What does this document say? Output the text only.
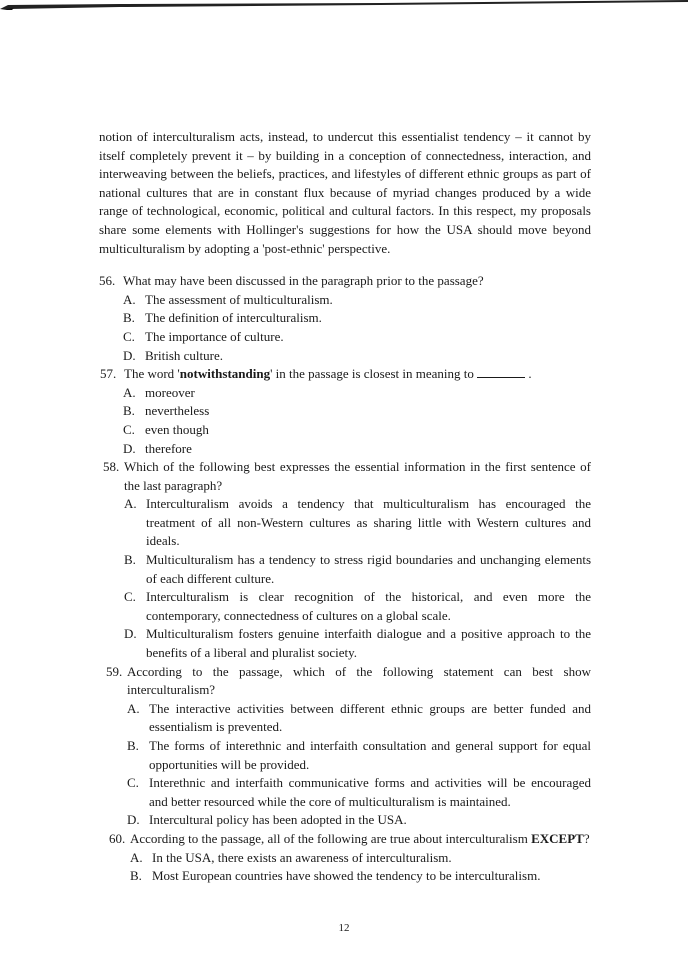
notion of interculturalism acts, instead, to undercut this essentialist tendency – it cannot by itself completely prevent it – by building in a conception of connectedness, interaction, and interweaving between the beliefs, practices, and lifestyles of different ethnic groups as part of national cultures that are in constant flux because of myriad changes produced by a wide range of technological, economic, political and cultural factors. In this respect, my proposals share some elements with Hollinger's suggestions for how the USA should move beyond multiculturalism by adopting a 'post-ethnic' perspective.

56. What may have been discussed in the paragraph prior to the passage?
A. The assessment of multiculturalism.
B. The definition of interculturalism.
C. The importance of culture.
D. British culture.
57. The word 'notwithstanding' in the passage is closest in meaning to	.
A. moreover
B. nevertheless
C. even though
D. therefore
58. Which of the following best expresses the essential information in the first sentence of the last paragraph?
A. Interculturalism avoids a tendency that multiculturalism has encouraged the treatment of all non-Western cultures as sharing little with Western cultures and ideals.
B. Multiculturalism has a tendency to stress rigid boundaries and unchanging elements of each different culture.
C. Interculturalism is clear recognition of the historical, and even more the contemporary, connectedness of cultures on a global scale.
D. Multiculturalism fosters genuine interfaith dialogue and a positive approach to the benefits of a liberal and pluralist society.
59. According to the passage, which of the following statement can best show interculturalism?
A. The interactive activities between different ethnic groups are better funded and essentialism is prevented.
B. The forms of interethnic and interfaith consultation and general support for equal opportunities will be provided.
C. Interethnic and interfaith communicative forms and activities will be encouraged and better resourced while the core of multiculturalism is maintained.
D. Intercultural policy has been adopted in the USA.
60. According to the passage, all of the following are true about interculturalism EXCEPT?
A. In the USA, there exists an awareness of interculturalism.
B. Most European countries have showed the tendency to be interculturalism.
12
